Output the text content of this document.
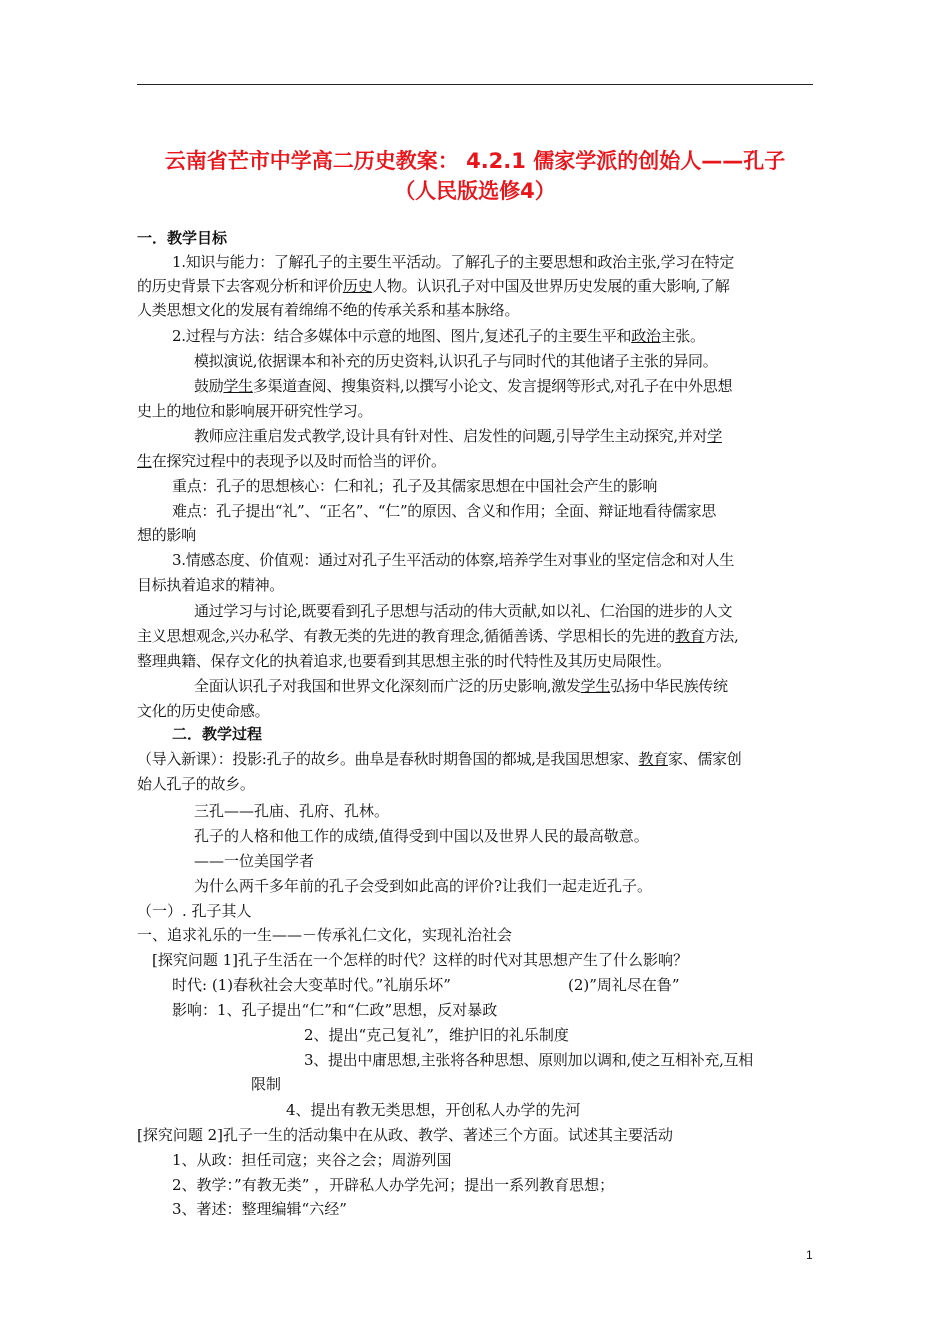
云南省芒市中学高二历史教案： 4.2.1 儒家学派的创始人——孔子
（人民版选修4）
一．教学目标
1.知识与能力：了解孔子的主要生平活动。了解孔子的主要思想和政治主张,学习在特定
的历史背景下去客观分析和评价历史人物。认识孔子对中国及世界历史发展的重大影响,了解
人类思想文化的发展有着绵绵不绝的传承关系和基本脉络。
2.过程与方法：结合多媒体中示意的地图、图片,复述孔子的主要生平和政治主张。
模拟演说,依据课本和补充的历史资料,认识孔子与同时代的其他诸子主张的异同。
鼓励学生多渠道查阅、搜集资料,以撰写小论文、发言提纲等形式,对孔子在中外思想
史上的地位和影响展开研究性学习。
教师应注重启发式教学,设计具有针对性、启发性的问题,引导学生主动探究,并对学
生在探究过程中的表现予以及时而恰当的评价。
重点：孔子的思想核心：仁和礼；孔子及其儒家思想在中国社会产生的影响
难点：孔子提出“礼”、“正名”、“仁”的原因、含义和作用；全面、辩证地看待儒家思
想的影响
3.情感态度、价值观：通过对孔子生平活动的体察,培养学生对事业的坚定信念和对人生
目标执着追求的精神。
通过学习与讨论,既要看到孔子思想与活动的伟大贡献,如以礼、仁治国的进步的人文
主义思想观念,兴办私学、有教无类的先进的教育理念,循循善诱、学思相长的先进的教育方法,
整理典籍、保存文化的执着追求,也要看到其思想主张的时代特性及其历史局限性。
全面认识孔子对我国和世界文化深刻而广泛的历史影响,激发学生弘扬中华民族传统
文化的历史使命感。
二．教学过程
（导入新课）：投影:孔子的故乡。曲阜是春秋时期鲁国的都城,是我国思想家、教育家、儒家创
始人孔子的故乡。
三孔——孔庙、孔府、孔林。
孔子的人格和他工作的成绩,值得受到中国以及世界人民的最高敬意。
——一位美国学者
为什么两千多年前的孔子会受到如此高的评价?让我们一起走近孔子。
（一）. 孔子其人
一、追求礼乐的一生——－传承礼仁文化，实现礼治社会
[探究问题 1]孔子生活在一个怎样的时代？这样的时代对其思想产生了什么影响？
时代: (1)春秋社会大变革时代。”礼崩乐坏”	(2)”周礼尽在鲁”
影响：1、孔子提出“仁”和“仁政”思想，反对暴政
2、提出“克己复礼”，维护旧的礼乐制度
3、提出中庸思想,主张将各种思想、原则加以调和,使之互相补充,互相
限制
4、提出有教无类思想，开创私人办学的先河
[探究问题 2]孔子一生的活动集中在从政、教学、著述三个方面。试述其主要活动
1、从政：担任司寇；夹谷之会；周游列国
2、教学：”有教无类” ，开辟私人办学先河；提出一系列教育思想；
3、著述：整理编辑“六经”
1
